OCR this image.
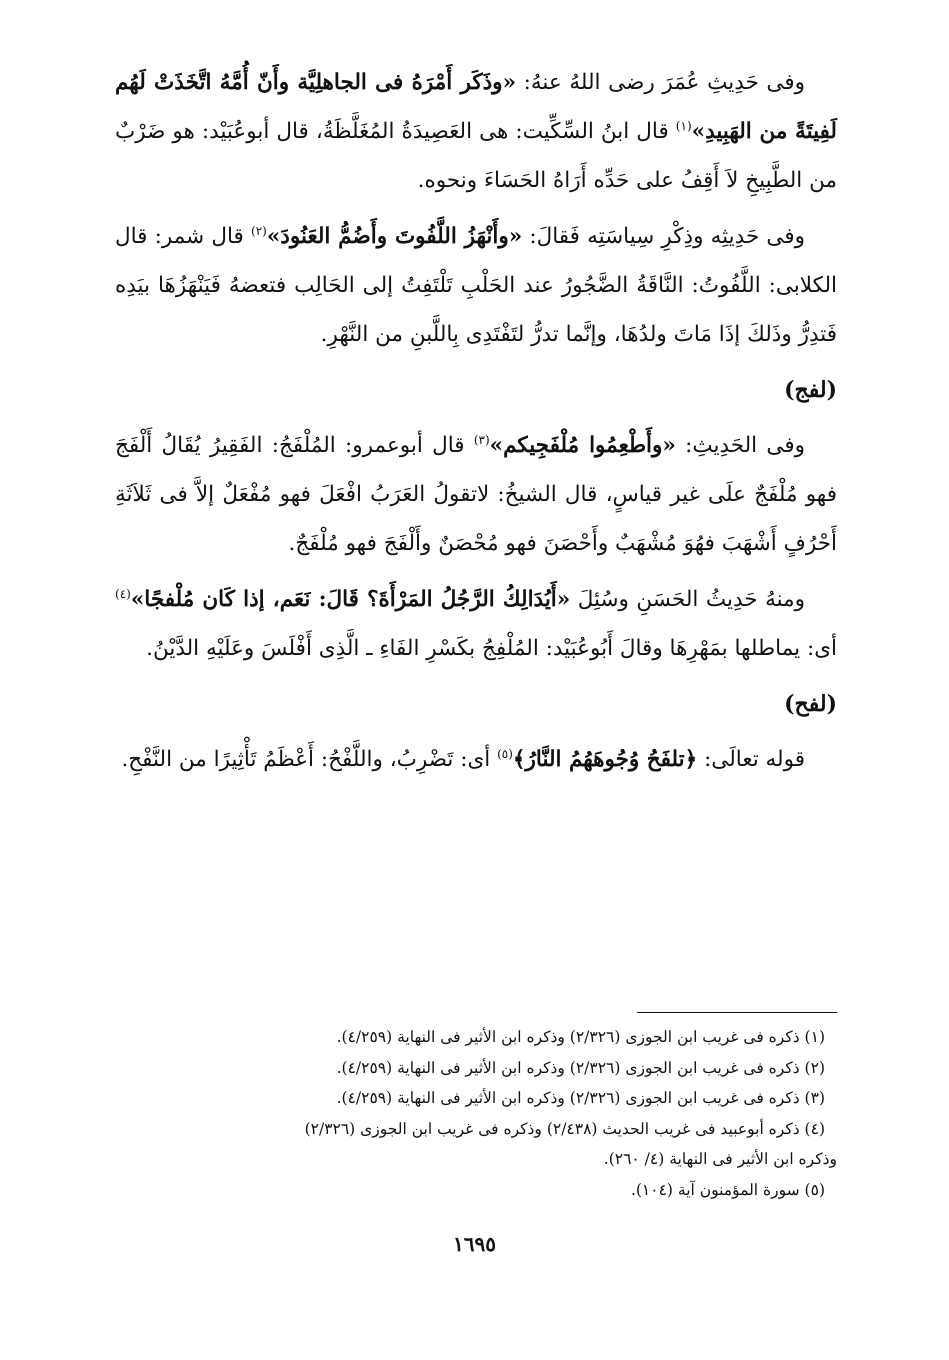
وفى حَدِيثِ عُمَرَ رضى اللهُ عنهُ: «وذَكَر أَمْرَهُ فى الجاهلِيَّة وأَنّ أُمَّهُ اتَّخَذَتْ لَهُم لَفِيتَةً من الهَبِيدِ»$^{(١)}$ قال ابنُ السِّكِّيت: هى العَصِيدَةُ المُغَلَّظَةُ، قال أبوعُبَيْد: هو ضَرْبٌ من الطَّبِيخِ لاَ أَقِفُ على حَدِّه أَرَاهُ الحَسَاءَ ونحوه.

وفى حَدِيثِه وذِكْرِ سِياسَتِه فَقالَ: «وأَنْهَزُ اللَّفُوتَ وأَضُمُّ العَنُودَ»$^{(٢)}$ قال شمر: قال الكلابى: اللَّفُوتُ: النَّاقَةُ الضَّجُورُ عند الحَلْبِ تَلْتَفِتُ إلى الحَالِب فتعضهُ فَيَنْهَزُهَا بيَدِه فَتدِرُّ وذَلكَ إذَا مَاتَ ولدُهَا، وإنَّما تدرُّ لتَفْتَدِى بِاللَّبنِ من النَّهْرِ.

(لفج)

وفى الحَدِيثِ: «وأَطْعِمُوا مُلْفَجِيكم»$^{(٣)}$ قال أبوعمرو: المُلْفَجُ: الفَقِيرُ يُقَالُ أَلْفَجَ فهو مُلْفَجٌ علَى غير قياسٍ، قال الشيخُ: لاتقولُ العَرَبُ افْعَلَ فهو مُفْعَلٌ إلاَّ فى ثَلاَثَةِ أَحْرُفٍ أَشْهَبَ فهُوَ مُشْهَبٌ وأَحْصَنَ فهو مُحْصَنٌ وأَلْفَجَ فهو مُلْفَجٌ.

ومنهُ حَدِيثُ الحَسَنِ وسُئِلَ «أَيُدَالِكُ الرَّجُلُ المَرْأَةَ؟ قَالَ: نَعَم، إذا كَان مُلْفجًا»$^{(٤)}$ أى: يماطلها بمَهْرِهَا وقالَ أَبُوعُبَيْد: المُلْفِجُ بكَسْرِ الفَاءِ ـ الَّذِى أَفْلَسَ وعَلَيْهِ الدَّيْنُ.

(لفح)

قوله تعالَى: ﴿تلفَحُ وُجُوهَهُمُ النَّارُ﴾$^{(٥)}$ أى: تَضْرِبُ، واللَّفْحُ: أَعْظَمُ تَأْثِيرًا من النَّفْحِ.

(١) ذكره فى غريب ابن الجوزى (٢/٣٢٦) وذكره ابن الأثير فى النهاية (٤/٢٥٩).

(٢) ذكره فى غريب ابن الجوزى (٢/٣٢٦) وذكره ابن الأثير فى النهاية (٤/٢٥٩).

(٣) ذكره فى غريب ابن الجوزى (٢/٣٢٦) وذكره ابن الأثير فى النهاية (٤/٢٥٩).

(٤) ذكره أبوعبيد فى غريب الحديث (٢/٤٣٨) وذكره فى غريب ابن الجوزى (٢/٣٢٦)

وذكره ابن الأثير فى النهاية (٤/ ٢٦٠).

(٥) سورة المؤمنون آية (١٠٤).

١٦٩٥
